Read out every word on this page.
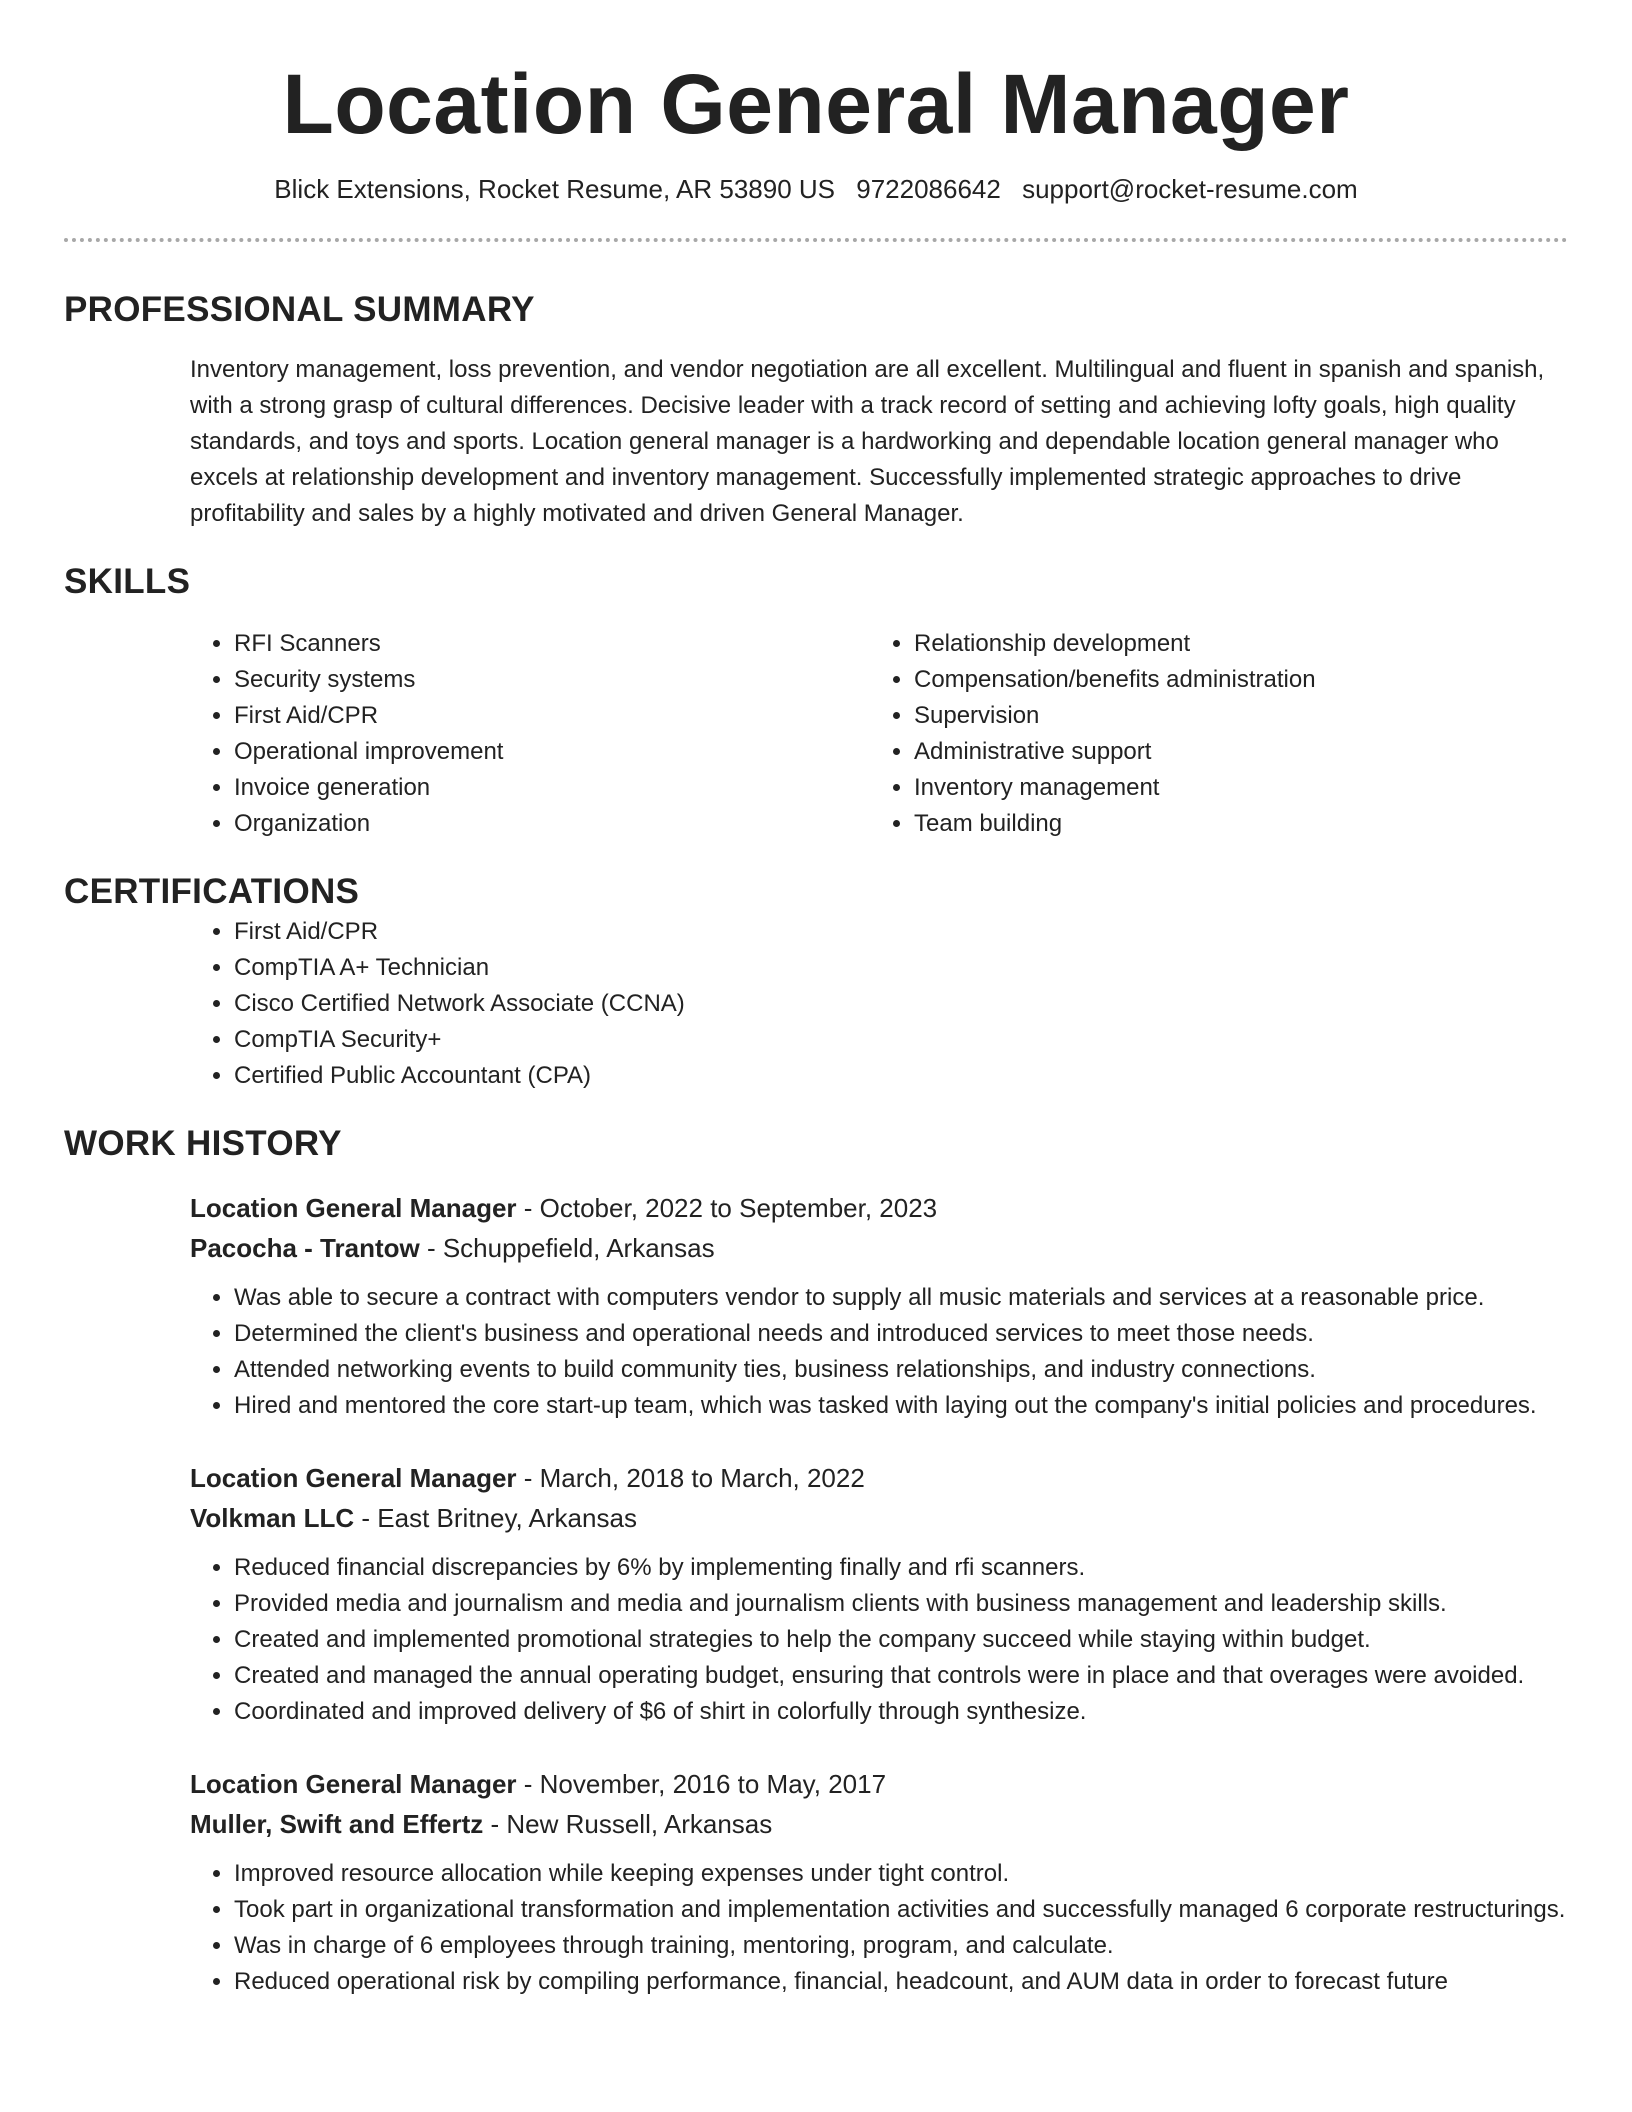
Location General Manager
Blick Extensions, Rocket Resume, AR 53890 US 9722086642 support@rocket-resume.com
PROFESSIONAL SUMMARY
Inventory management, loss prevention, and vendor negotiation are all excellent. Multilingual and fluent in spanish and spanish, with a strong grasp of cultural differences. Decisive leader with a track record of setting and achieving lofty goals, high quality standards, and toys and sports. Location general manager is a hardworking and dependable location general manager who excels at relationship development and inventory management. Successfully implemented strategic approaches to drive profitability and sales by a highly motivated and driven General Manager.
SKILLS
• RFI Scanners
• Security systems
• First Aid/CPR
• Operational improvement
• Invoice generation
• Organization
• Relationship development
• Compensation/benefits administration
• Supervision
• Administrative support
• Inventory management
• Team building
CERTIFICATIONS
• First Aid/CPR
• CompTIA A+ Technician
• Cisco Certified Network Associate (CCNA)
• CompTIA Security+
• Certified Public Accountant (CPA)
WORK HISTORY
Location General Manager - October, 2022 to September, 2023
Pacocha - Trantow - Schuppefield, Arkansas
• Was able to secure a contract with computers vendor to supply all music materials and services at a reasonable price.
• Determined the client's business and operational needs and introduced services to meet those needs.
• Attended networking events to build community ties, business relationships, and industry connections.
• Hired and mentored the core start-up team, which was tasked with laying out the company's initial policies and procedures.
Location General Manager - March, 2018 to March, 2022
Volkman LLC - East Britney, Arkansas
• Reduced financial discrepancies by 6% by implementing finally and rfi scanners.
• Provided media and journalism and media and journalism clients with business management and leadership skills.
• Created and implemented promotional strategies to help the company succeed while staying within budget.
• Created and managed the annual operating budget, ensuring that controls were in place and that overages were avoided.
• Coordinated and improved delivery of $6 of shirt in colorfully through synthesize.
Location General Manager - November, 2016 to May, 2017
Muller, Swift and Effertz - New Russell, Arkansas
• Improved resource allocation while keeping expenses under tight control.
• Took part in organizational transformation and implementation activities and successfully managed 6 corporate restructurings.
• Was in charge of 6 employees through training, mentoring, program, and calculate.
• Reduced operational risk by compiling performance, financial, headcount, and AUM data in order to forecast future
